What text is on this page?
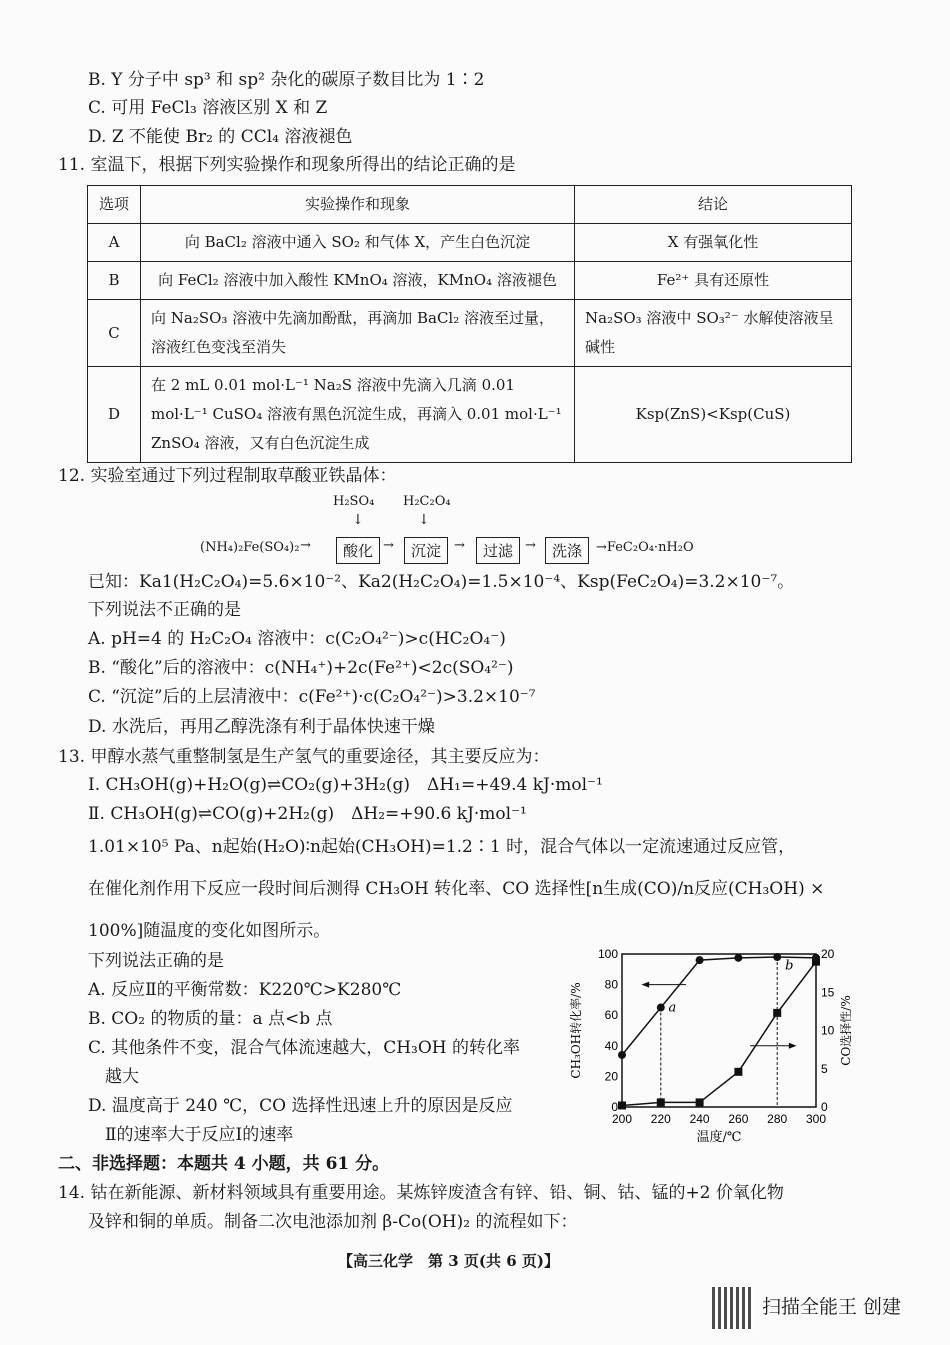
B. Y 分子中 sp³ 和 sp² 杂化的碳原子数目比为 1∶2
C. 可用 FeCl₃ 溶液区别 X 和 Z
D. Z 不能使 Br₂ 的 CCl₄ 溶液褪色
11. 室温下，根据下列实验操作和现象所得出的结论正确的是
选项	实验操作和现象	结论
A	向 BaCl₂ 溶液中通入 SO₂ 和气体 X，产生白色沉淀	X 有强氧化性
B	向 FeCl₂ 溶液中加入酸性 KMnO₄ 溶液，KMnO₄ 溶液褪色	Fe²⁺ 具有还原性
C	向 Na₂SO₃ 溶液中先滴加酚酞，再滴加 BaCl₂ 溶液至过量，溶液红色变浅至消失	Na₂SO₃ 溶液中 SO₃²⁻ 水解使溶液呈碱性
D	在 2 mL 0.01 mol·L⁻¹ Na₂S 溶液中先滴入几滴 0.01 mol·L⁻¹ CuSO₄ 溶液有黑色沉淀生成，再滴入 0.01 mol·L⁻¹ ZnSO₄ 溶液，又有白色沉淀生成	Ksp(ZnS)<Ksp(CuS)
12. 实验室通过下列过程制取草酸亚铁晶体：
H₂SO₄ H₂C₂O₄
↓	↓
(NH₄)₂Fe(SO₄)₂	酸化	沉淀	过滤	洗涤
→	→	→	→	→FeC₂O₄·nH₂O
已知：Ka1(H₂C₂O₄)=5.6×10⁻²、Ka2(H₂C₂O₄)=1.5×10⁻⁴、Ksp(FeC₂O₄)=3.2×10⁻⁷。
下列说法不正确的是
A. pH=4 的 H₂C₂O₄ 溶液中：c(C₂O₄²⁻)>c(HC₂O₄⁻)
B. “酸化”后的溶液中：c(NH₄⁺)+2c(Fe²⁺)<2c(SO₄²⁻)
C. “沉淀”后的上层清液中：c(Fe²⁺)·c(C₂O₄²⁻)>3.2×10⁻⁷
D. 水洗后，再用乙醇洗涤有利于晶体快速干燥
13. 甲醇水蒸气重整制氢是生产氢气的重要途径，其主要反应为：
Ⅰ. CH₃OH(g)+H₂O(g)⇌CO₂(g)+3H₂(g)　ΔH₁=+49.4 kJ·mol⁻¹
Ⅱ. CH₃OH(g)⇌CO(g)+2H₂(g)　ΔH₂=+90.6 kJ·mol⁻¹
1.01×10⁵ Pa、n起始(H₂O)∶n起始(CH₃OH)=1.2∶1 时，混合气体以一定流速通过反应管，
在催化剂作用下反应一段时间后测得 CH₃OH 转化率、CO 选择性[n生成(CO)/n反应(CH₃OH) ×
100%]随温度的变化如图所示。
下列说法正确的是
A. 反应Ⅱ的平衡常数：K220℃>K280℃
B. CO₂ 的物质的量：a 点<b 点
C. 其他条件不变，混合气体流速越大，CH₃OH 的转化率
　越大
D. 温度高于 240 ℃，CO 选择性迅速上升的原因是反应
　Ⅱ的速率大于反应Ⅰ的速率
200 220 240 260 280 300
0
20
40
60
80
100
0
5
10
15
20
温度/℃
CH₃OH转化率/%	CO选择性/%
a
b
二、非选择题：本题共 4 小题，共 61 分。
14. 钴在新能源、新材料领域具有重要用途。某炼锌废渣含有锌、铅、铜、钴、锰的+2 价氧化物
及锌和铜的单质。制备二次电池添加剂 β-Co(OH)₂ 的流程如下：
【高三化学　第 3 页(共 6 页)】
扫描全能王 创建
